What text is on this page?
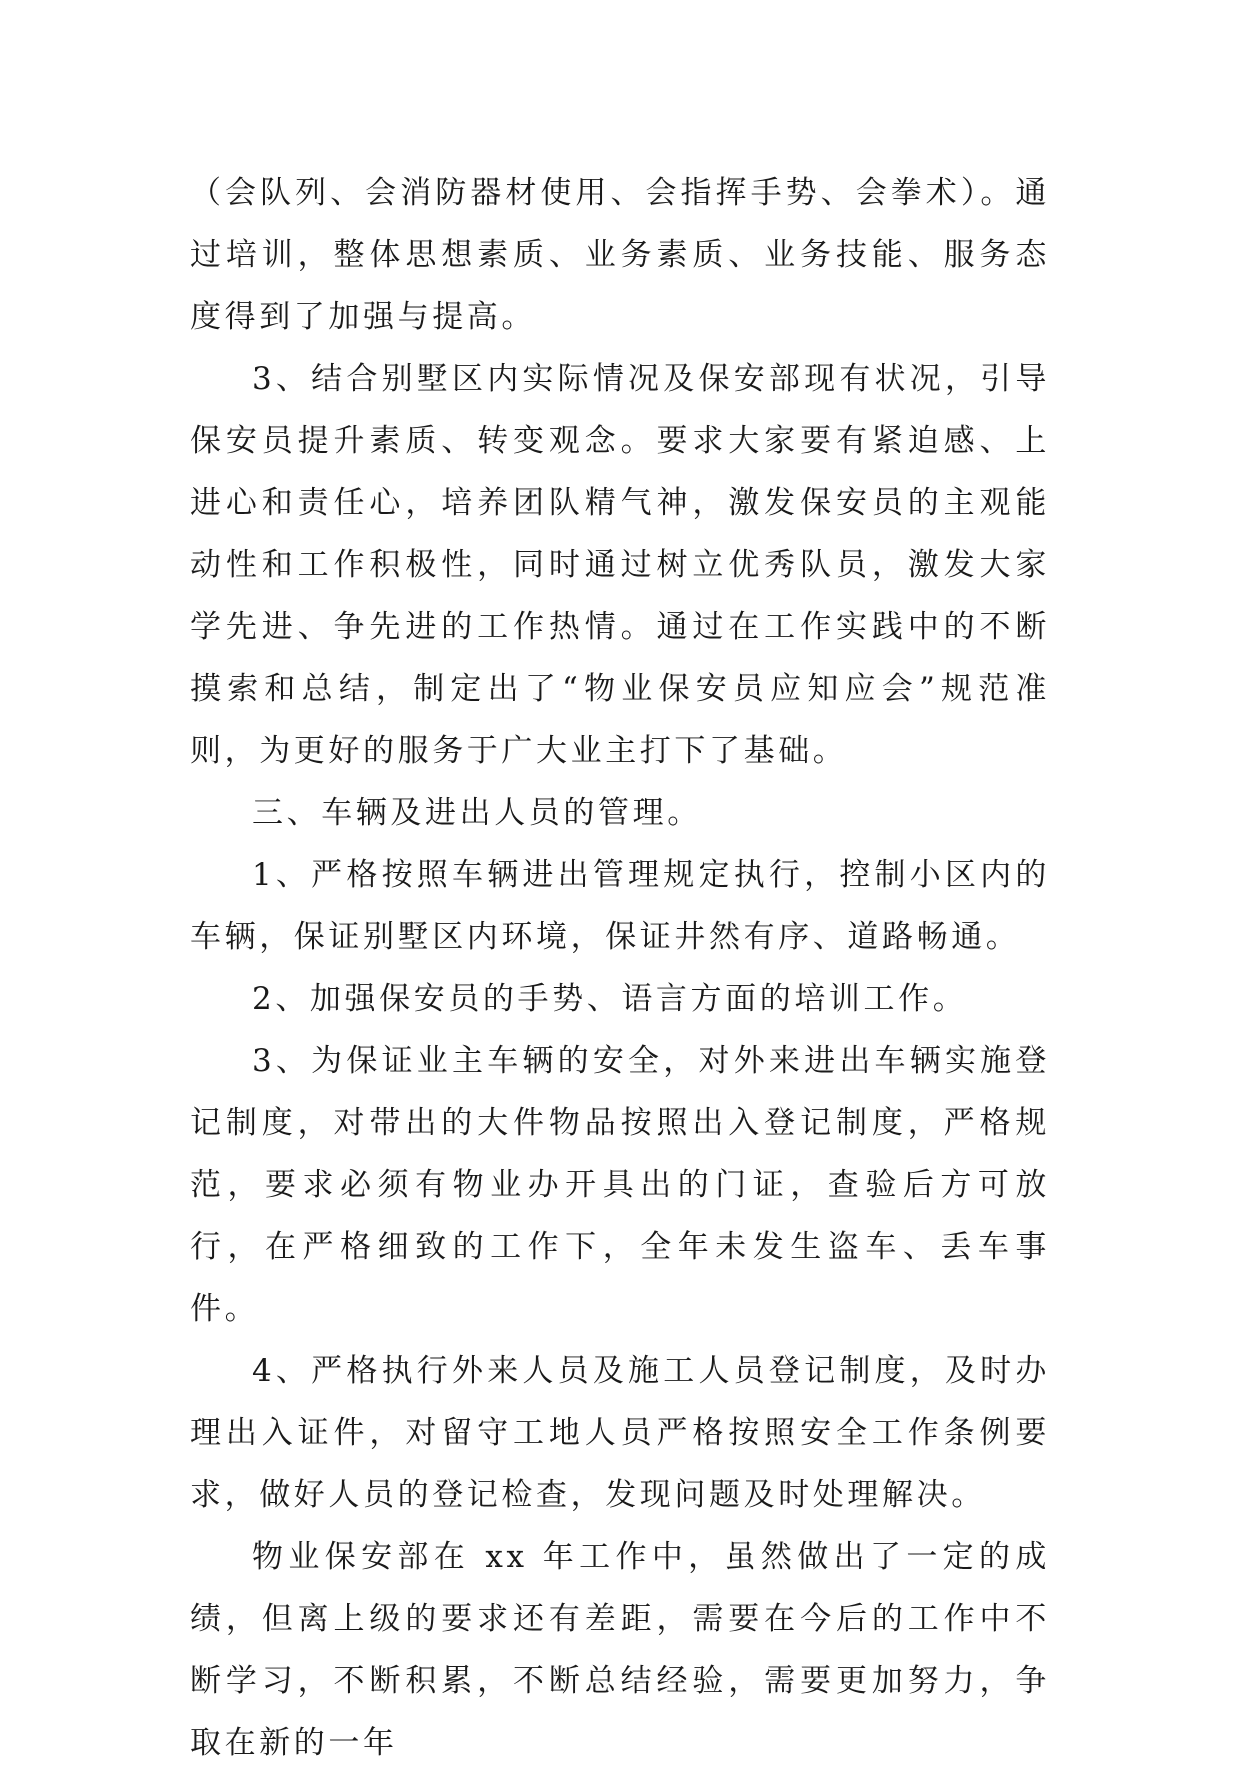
（会队列、会消防器材使用、会指挥手势、会拳术）。通过培训，整体思想素质、业务素质、业务技能、服务态度得到了加强与提高。

3、结合别墅区内实际情况及保安部现有状况，引导保安员提升素质、转变观念。要求大家要有紧迫感、上进心和责任心，培养团队精气神，激发保安员的主观能动性和工作积极性，同时通过树立优秀队员，激发大家学先进、争先进的工作热情。通过在工作实践中的不断摸索和总结，制定出了“物业保安员应知应会”规范准则，为更好的服务于广大业主打下了基础。

三、车辆及进出人员的管理。

1、严格按照车辆进出管理规定执行，控制小区内的车辆，保证别墅区内环境，保证井然有序、道路畅通。

2、加强保安员的手势、语言方面的培训工作。

3、为保证业主车辆的安全，对外来进出车辆实施登记制度，对带出的大件物品按照出入登记制度，严格规范，要求必须有物业办开具出的门证，查验后方可放行，在严格细致的工作下，全年未发生盗车、丢车事件。

4、严格执行外来人员及施工人员登记制度，及时办理出入证件，对留守工地人员严格按照安全工作条例要求，做好人员的登记检查，发现问题及时处理解决。

物业保安部在 xx 年工作中，虽然做出了一定的成绩，但离上级的要求还有差距，需要在今后的工作中不断学习，不断积累，不断总结经验，需要更加努力，争取在新的一年
